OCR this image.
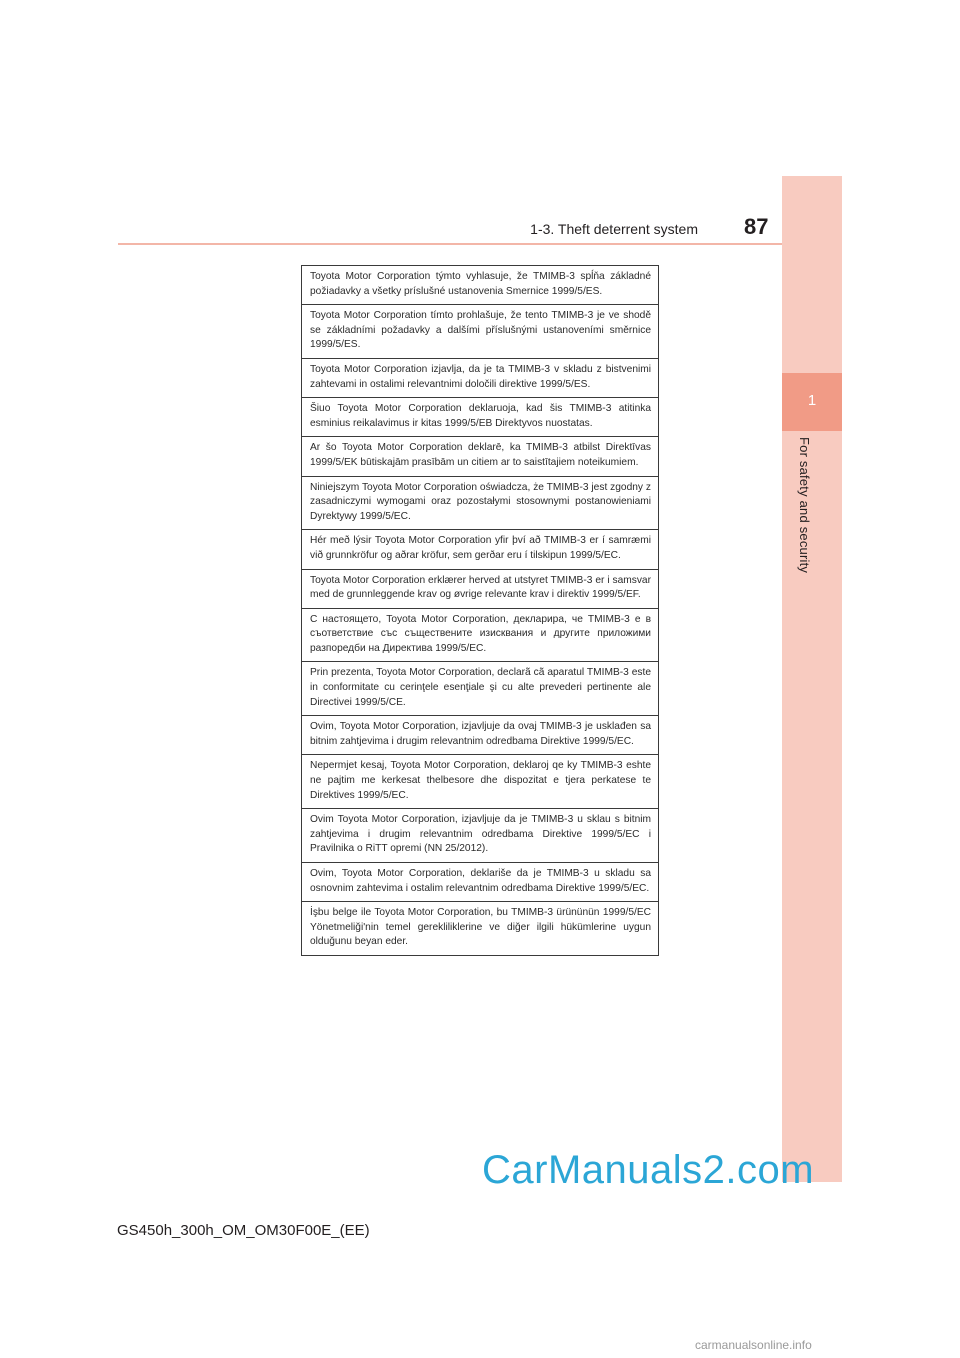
1
For safety and security
1-3. Theft deterrent system 87
Toyota Motor Corporation týmto vyhlasuje, že TMIMB-3 spĺňa základné požiadavky a všetky príslušné ustanovenia Smernice 1999/5/ES.
Toyota Motor Corporation tímto prohlašuje, že tento TMIMB-3 je ve shodě se základními požadavky a dalšími příslušnými ustanoveními směrnice 1999/5/ES.
Toyota Motor Corporation izjavlja, da je ta TMIMB-3 v skladu z bistvenimi zahtevami in ostalimi relevantnimi določili direktive 1999/5/ES.
Šiuo Toyota Motor Corporation deklaruoja, kad šis TMIMB-3 atitinka esminius reikalavimus ir kitas 1999/5/EB Direktyvos nuostatas.
Ar šo Toyota Motor Corporation deklarē, ka TMIMB-3 atbilst Direktīvas 1999/5/EK būtiskajām prasībām un citiem ar to saistītajiem noteikumiem.
Niniejszym Toyota Motor Corporation oświadcza, że TMIMB-3 jest zgodny z zasadniczymi wymogami oraz pozostałymi stosownymi postanowieniami Dyrektywy 1999/5/EC.
Hér með lýsir Toyota Motor Corporation yfir því að TMIMB-3 er í samræmi við grunnkröfur og aðrar kröfur, sem gerðar eru í tilskipun 1999/5/EC.
Toyota Motor Corporation erklærer herved at utstyret TMIMB-3 er i samsvar med de grunnleggende krav og øvrige relevante krav i direktiv 1999/5/EF.
С настоящето, Toyota Motor Corporation, декларира, че TMIMB-3 е в съответствие със съществените изисквания и другите приложими разпоредби на Директива 1999/5/ЕС.
Prin prezenta, Toyota Motor Corporation, declarã cã aparatul TMIMB-3 este in conformitate cu cerinţele esenţiale şi cu alte prevederi pertinente ale Directivei 1999/5/CE.
Ovim, Toyota Motor Corporation, izjavljuje da ovaj TMIMB-3 je usklađen sa bitnim zahtjevima i drugim relevantnim odredbama Direktive 1999/5/EC.
Nepermjet kesaj, Toyota Motor Corporation, deklaroj qe ky TMIMB-3 eshte ne pajtim me kerkesat thelbesore dhe dispozitat e tjera perkatese te Direktives 1999/5/EC.
Ovim Toyota Motor Corporation, izjavljuje da je TMIMB-3 u sklau s bitnim zahtjevima i drugim relevantnim odredbama Direktive 1999/5/EC i Pravilnika o RiTT opremi (NN 25/2012).
Ovim, Toyota Motor Corporation, deklariše da je TMIMB-3 u skladu sa osnovnim zahtevima i ostalim relevantnim odredbama Direktive 1999/5/EC.
İşbu belge ile Toyota Motor Corporation, bu TMIMB-3 ürününün 1999/5/EC Yönetmeliği'nin temel gerekliliklerine ve diğer ilgili hükümlerine uygun olduğunu beyan eder.
CarManuals2.com
GS450h_300h_OM_OM30F00E_(EE)
carmanualsonline.info
